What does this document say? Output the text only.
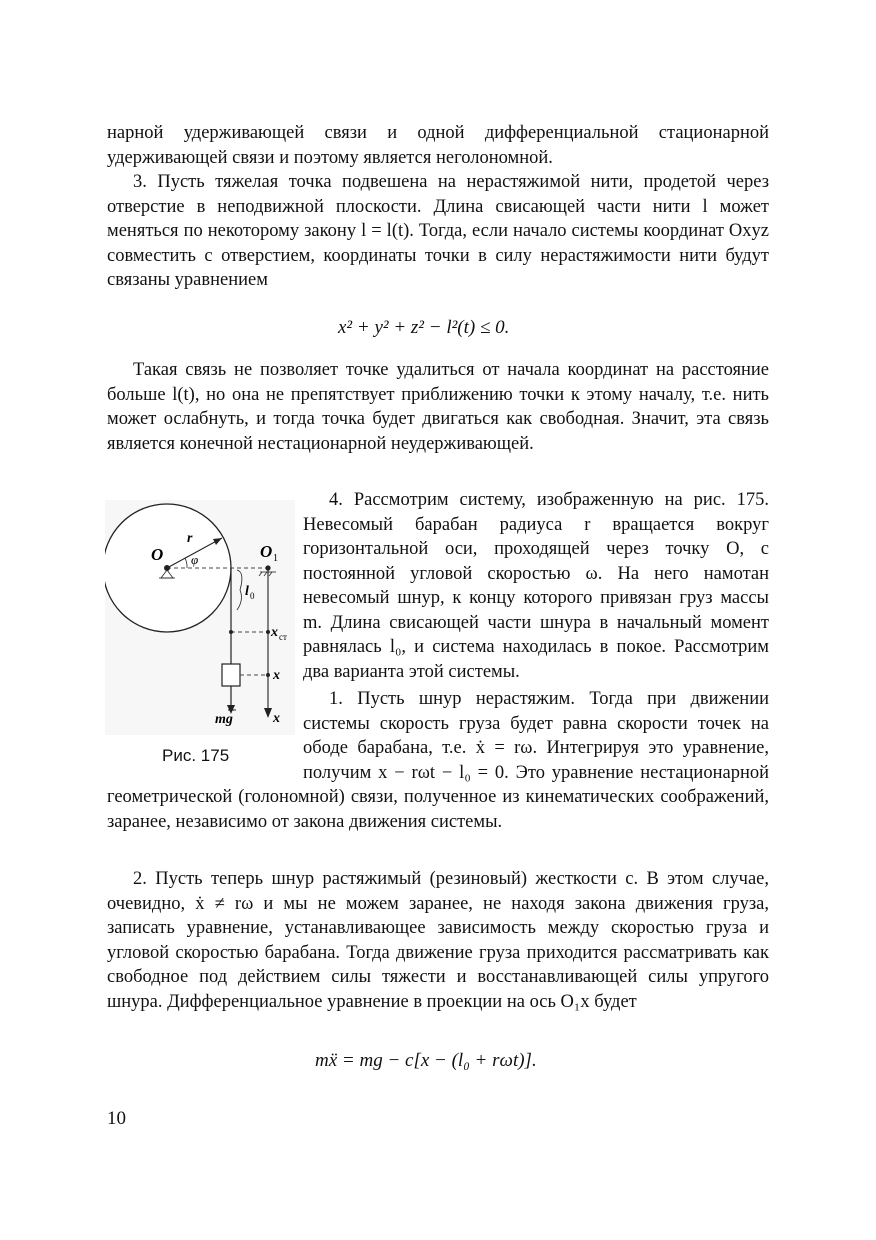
нарной удерживающей связи и одной дифференциальной стационарной удерживающей связи и поэтому является неголономной.

3. Пусть тяжелая точка подвешена на нерастяжимой нити, продетой через отверстие в неподвижной плоскости. Длина свисающей части нити l может меняться по некоторому закону l = l(t). Тогда, если начало системы координат Oxyz совместить с отверстием, координаты точки в силу нерастяжимости нити будут связаны уравнением

x² + y² + z² − l²(t) ≤ 0.

Такая связь не позволяет точке удалиться от начала координат на расстояние больше l(t), но она не препятствует приближению точки к этому началу, т.е. нить может ослабнуть, и тогда точка будет двигаться как свободная. Значит, эта связь является конечной нестационарной неудерживающей.

O
r
φ	O 1
l 0
x ст
x
x
mg
Рис. 175

4. Рассмотрим систему, изображенную на рис. 175. Невесомый барабан радиуса r вращается вокруг горизонтальной оси, проходящей через точку O, с постоянной угловой скоростью ω. На него намотан невесомый шнур, к концу которого привязан груз массы m. Длина свисающей части шнура в начальный момент равнялась l₀, и система находилась в покое. Рассмотрим два варианта этой системы.

1. Пусть шнур нерастяжим. Тогда при движении системы скорость груза будет равна скорости точек на ободе барабана, т.е. ẋ = rω. Интегрируя это уравнение, получим x − rωt − l₀ = 0. Это уравнение нестационарной геометрической (голономной) связи, полученное из кинематических соображений, заранее, независимо от закона движения системы.

2. Пусть теперь шнур растяжимый (резиновый) жесткости c. В этом случае, очевидно, ẋ ≠ rω и мы не можем заранее, не находя закона движения груза, записать уравнение, устанавливающее зависимость между скоростью груза и угловой скоростью барабана. Тогда движение груза приходится рассматривать как свободное под действием силы тяжести и восстанавливающей силы упругого шнура. Дифференциальное уравнение в проекции на ось O₁x будет

mẍ = mg − c[x − (l₀ + rωt)].
10
